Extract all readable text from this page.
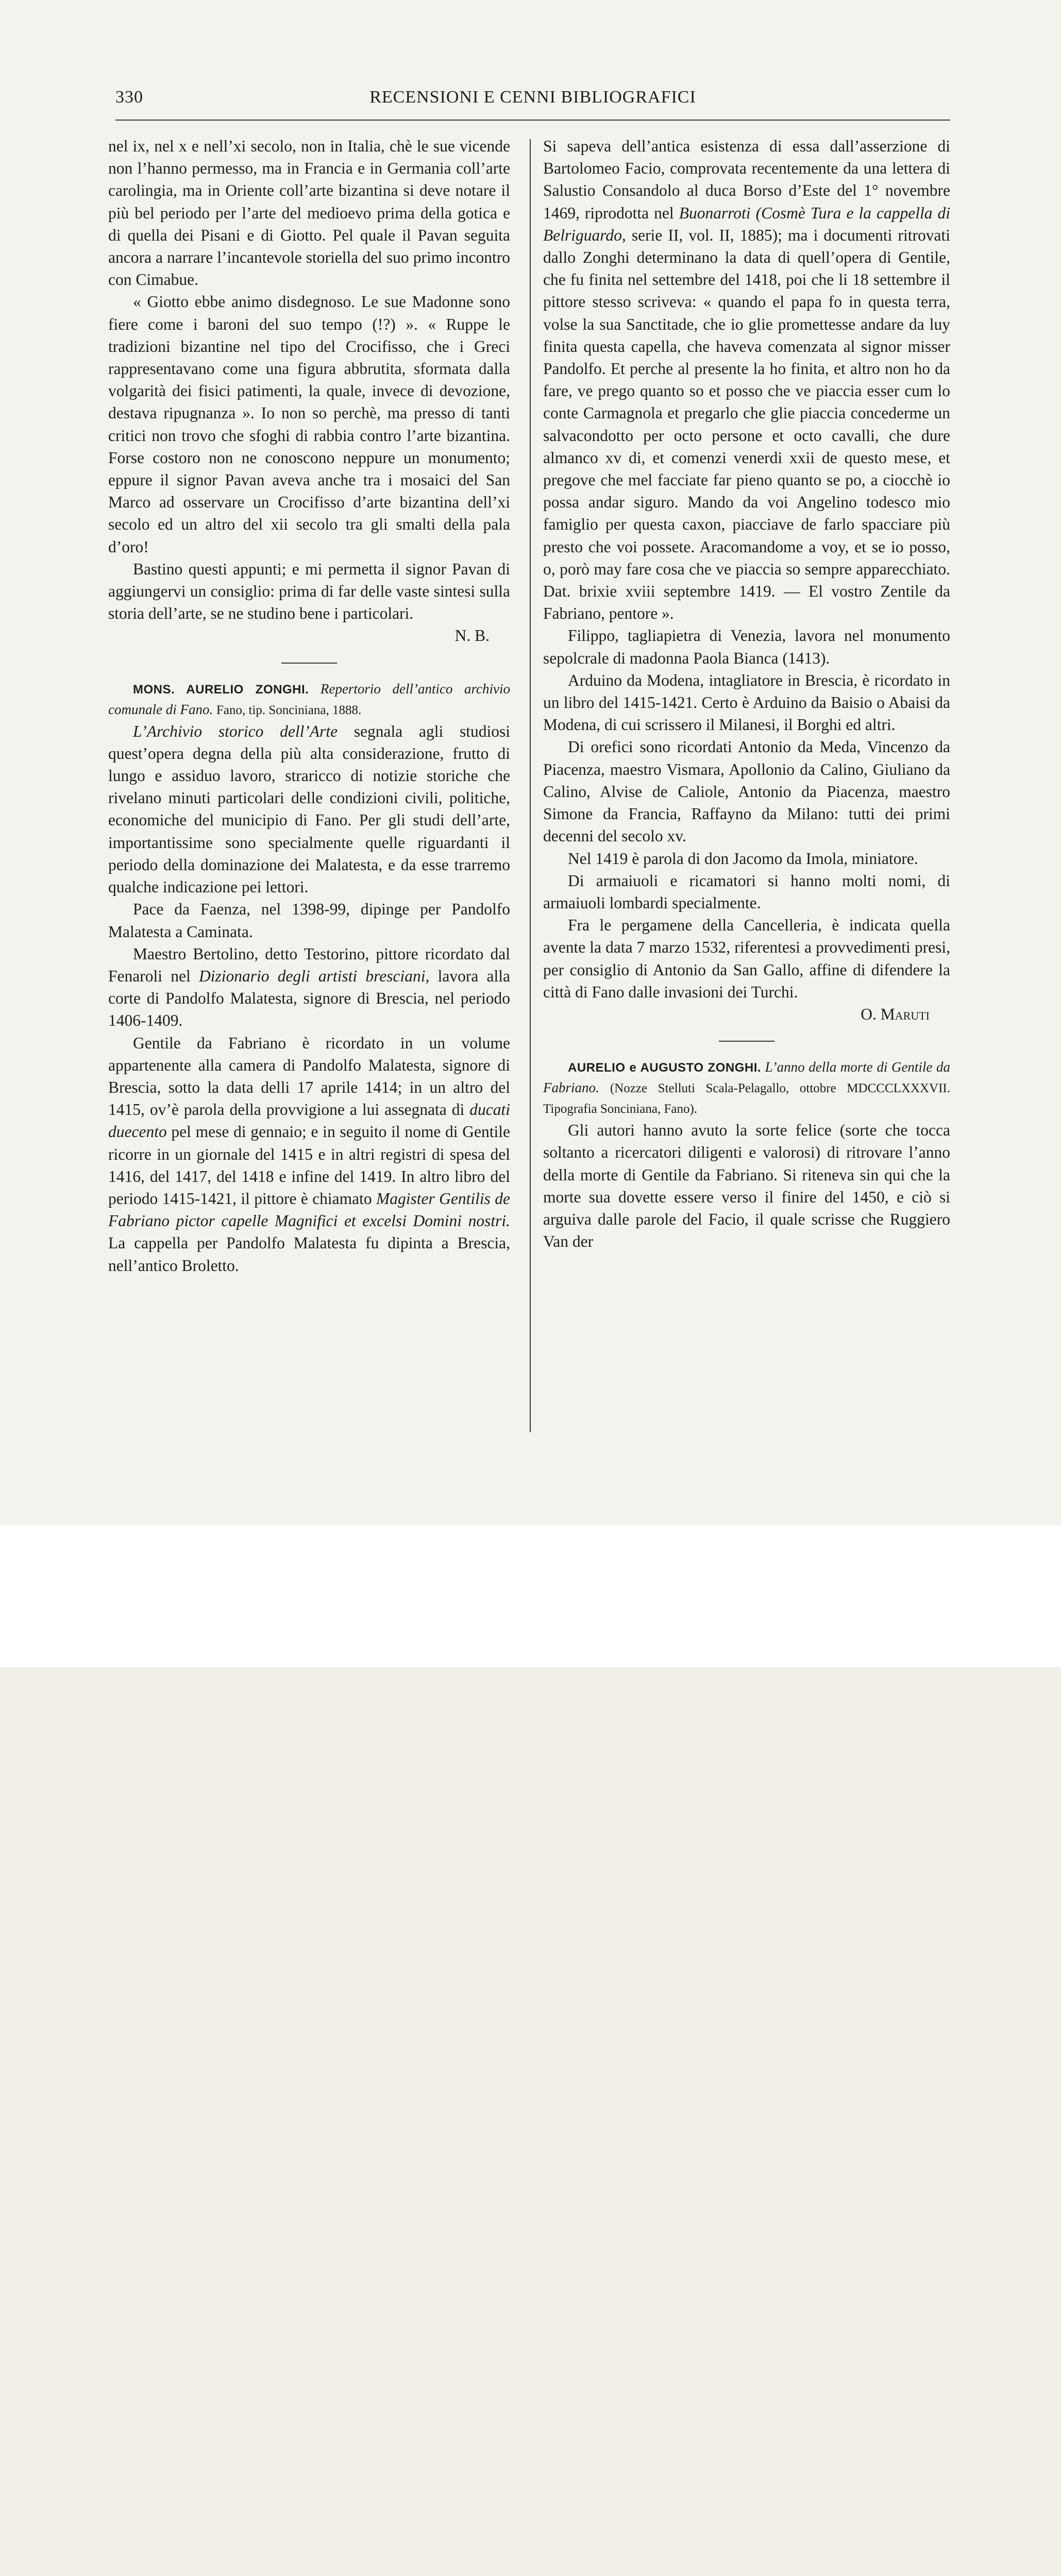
330	RECENSIONI E CENNI BIBLIOGRAFICI

nel ix, nel x e nell’xi secolo, non in Italia, chè le sue vicende non l’hanno permesso, ma in Francia e in Germania coll’arte carolingia, ma in Oriente coll’arte bizantina si deve notare il più bel periodo per l’arte del medioevo prima della gotica e di quella dei Pisani e di Giotto. Pel quale il Pavan seguita ancora a narrare l’incantevole storiella del suo primo incontro con Cimabue.

« Giotto ebbe animo disdegnoso. Le sue Madonne sono fiere come i baroni del suo tempo (!?) ». « Ruppe le tradizioni bizantine nel tipo del Crocifisso, che i Greci rappresentavano come una figura abbrutita, sformata dalla volgarità dei fisici patimenti, la quale, invece di devozione, destava ripugnanza ». Io non so perchè, ma presso di tanti critici non trovo che sfoghi di rabbia contro l’arte bizantina. Forse costoro non ne conoscono neppure un monumento; eppure il signor Pavan aveva anche tra i mosaici del San Marco ad osservare un Crocifisso d’arte bizantina dell’xi secolo ed un altro del xii secolo tra gli smalti della pala d’oro!

Bastino questi appunti; e mi permetta il signor Pavan di aggiungervi un consiglio: prima di far delle vaste sintesi sulla storia dell’arte, se ne studino bene i particolari.

N. B.

MONS. AURELIO ZONGHI. Repertorio dell’antico archivio comunale di Fano. Fano, tip. Sonciniana, 1888.

L’Archivio storico dell’Arte segnala agli studiosi quest’opera degna della più alta considerazione, frutto di lungo e assiduo lavoro, straricco di notizie storiche che rivelano minuti particolari delle condizioni civili, politiche, economiche del municipio di Fano. Per gli studi dell’arte, importantissime sono specialmente quelle riguardanti il periodo della dominazione dei Malatesta, e da esse trarremo qualche indicazione pei lettori.

Pace da Faenza, nel 1398-99, dipinge per Pandolfo Malatesta a Caminata.

Maestro Bertolino, detto Testorino, pittore ricordato dal Fenaroli nel Dizionario degli artisti bresciani, lavora alla corte di Pandolfo Malatesta, signore di Brescia, nel periodo 1406-1409.

Gentile da Fabriano è ricordato in un volume appartenente alla camera di Pandolfo Malatesta, signore di Brescia, sotto la data delli 17 aprile 1414; in un altro del 1415, ov’è parola della provvigione a lui assegnata di ducati duecento pel mese di gennaio; e in seguito il nome di Gentile ricorre in un giornale del 1415 e in altri registri di spesa del 1416, del 1417, del 1418 e infine del 1419. In altro libro del periodo 1415-1421, il pittore è chiamato Magister Gentilis de Fabriano pictor capelle Magnifici et excelsi Domini nostri. La cappella per Pandolfo Malatesta fu dipinta a Brescia, nell’antico Broletto.

Si sapeva dell’antica esistenza di essa dall’asserzione di Bartolomeo Facio, comprovata recentemente da una lettera di Salustio Consandolo al duca Borso d’Este del 1° novembre 1469, riprodotta nel Buonarroti (Cosmè Tura e la cappella di Belriguardo, serie II, vol. II, 1885); ma i documenti ritrovati dallo Zonghi determinano la data di quell’opera di Gentile, che fu finita nel settembre del 1418, poi che li 18 settembre il pittore stesso scriveva: « quando el papa fo in questa terra, volse la sua Sanctitade, che io glie promettesse andare da luy finita questa capella, che haveva comenzata al signor misser Pandolfo. Et perche al presente la ho finita, et altro non ho da fare, ve prego quanto so et posso che ve piaccia esser cum lo conte Carmagnola et pregarlo che glie piaccia concederme un salvacondotto per octo persone et octo cavalli, che dure almanco xv di, et comenzi venerdi xxii de questo mese, et pregove che mel facciate far pieno quanto se po, a ciocchè io possa andar siguro. Mando da voi Angelino todesco mio famiglio per questa caxon, piacciave de farlo spacciare più presto che voi possete. Aracomandome a voy, et se io posso, o, porò may fare cosa che ve piaccia so sempre apparecchiato. Dat. brixie xviii septembre 1419. — El vostro Zentile da Fabriano, pentore ».

Filippo, tagliapietra di Venezia, lavora nel monumento sepolcrale di madonna Paola Bianca (1413).

Arduino da Modena, intagliatore in Brescia, è ricordato in un libro del 1415-1421. Certo è Arduino da Baisio o Abaisi da Modena, di cui scrissero il Milanesi, il Borghi ed altri.

Di orefici sono ricordati Antonio da Meda, Vincenzo da Piacenza, maestro Vismara, Apollonio da Calino, Giuliano da Calino, Alvise de Caliole, Antonio da Piacenza, maestro Simone da Francia, Raffayno da Milano: tutti dei primi decenni del secolo xv.

Nel 1419 è parola di don Jacomo da Imola, miniatore.

Di armaiuoli e ricamatori si hanno molti nomi, di armaiuoli lombardi specialmente.

Fra le pergamene della Cancelleria, è indicata quella avente la data 7 marzo 1532, riferentesi a provvedimenti presi, per consiglio di Antonio da San Gallo, affine di difendere la città di Fano dalle invasioni dei Turchi.

O. Maruti

AURELIO e AUGUSTO ZONGHI. L’anno della morte di Gentile da Fabriano. (Nozze Stelluti Scala-Pelagallo, ottobre MDCCCLXXXVII. Tipografia Sonciniana, Fano).

Gli autori hanno avuto la sorte felice (sorte che tocca soltanto a ricercatori diligenti e valorosi) di ritrovare l’anno della morte di Gentile da Fabriano. Si riteneva sin qui che la morte sua dovette essere verso il finire del 1450, e ciò si arguiva dalle parole del Facio, il quale scrisse che Ruggiero Van der
